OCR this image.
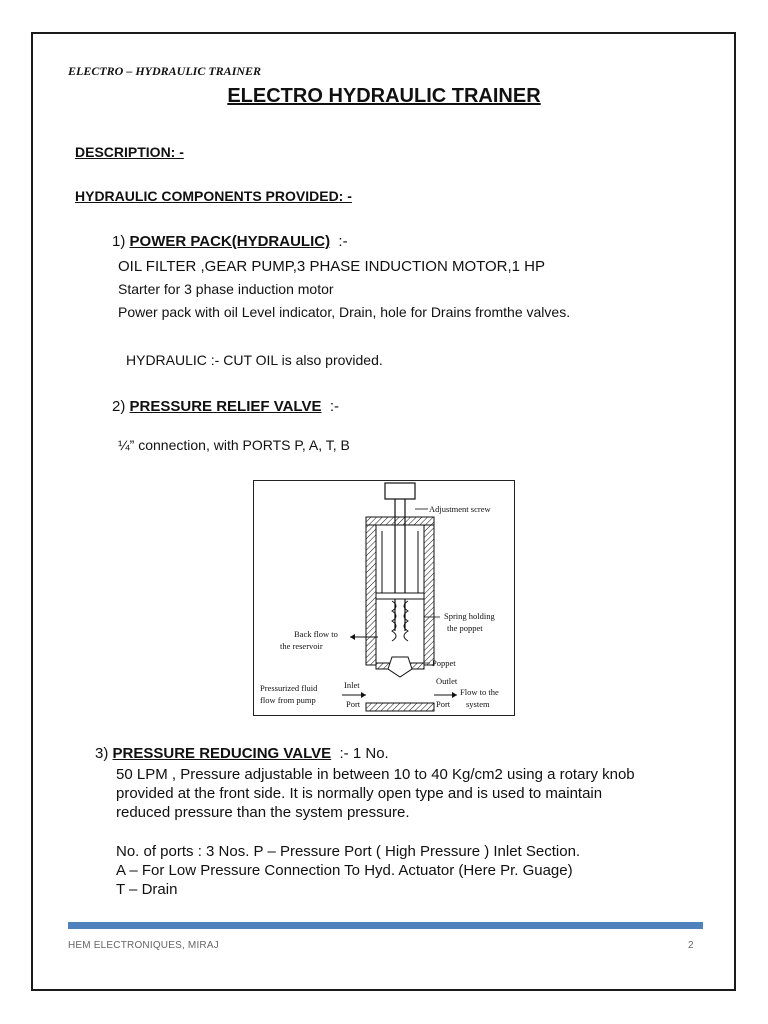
ELECTRO – HYDRAULIC TRAINER
ELECTRO HYDRAULIC TRAINER
DESCRIPTION: -
HYDRAULIC COMPONENTS PROVIDED: -
1) POWER PACK(HYDRAULIC) :-
OIL FILTER ,GEAR PUMP,3 PHASE INDUCTION MOTOR,1 HP
Starter for 3 phase induction motor
Power pack with oil Level indicator, Drain, hole for Drains fromthe valves.
HYDRAULIC :- CUT OIL is also provided.
2) PRESSURE RELIEF VALVE :-
¼” connection, with PORTS P, A, T, B
Adjustment screw
Spring holding
the poppet
Back flow to
the reservoir
Poppet
Inlet	Outlet
Pressurized fluid
flow from pump
Flow to the
system
Port	Port
3) PRESSURE REDUCING VALVE :- 1 No.
50 LPM , Pressure adjustable in between 10 to 40 Kg/cm2 using a rotary knob
provided at the front side. It is normally open type and is used to maintain
reduced pressure than the system pressure.
No. of ports : 3 Nos. P – Pressure Port ( High Pressure ) Inlet Section.
A – For Low Pressure Connection To Hyd. Actuator (Here Pr. Guage)
T – Drain
HEM ELECTRONIQUES, MIRAJ	2
